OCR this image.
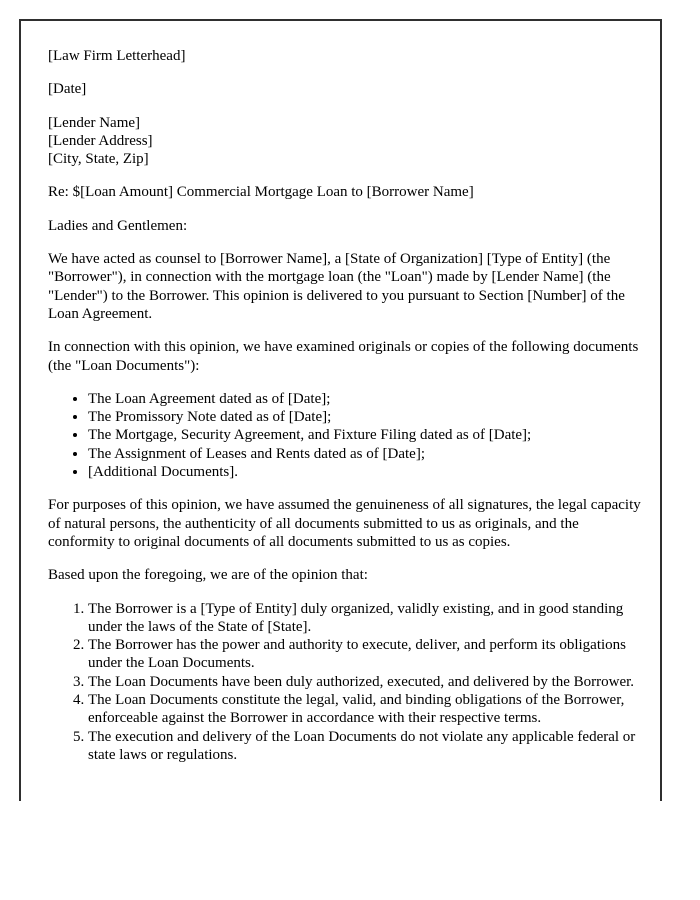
[Law Firm Letterhead]

[Date]

[Lender Name]
[Lender Address]
[City, State, Zip]

Re: $[Loan Amount] Commercial Mortgage Loan to [Borrower Name]

Ladies and Gentlemen:

We have acted as counsel to [Borrower Name], a [State of Organization] [Type of Entity] (the "Borrower"), in connection with the mortgage loan (the "Loan") made by [Lender Name] (the "Lender") to the Borrower. This opinion is delivered to you pursuant to Section [Number] of the Loan Agreement.

In connection with this opinion, we have examined originals or copies of the following documents (the "Loan Documents"):

• The Loan Agreement dated as of [Date];
• The Promissory Note dated as of [Date];
• The Mortgage, Security Agreement, and Fixture Filing dated as of [Date];
• The Assignment of Leases and Rents dated as of [Date];
• [Additional Documents].

For purposes of this opinion, we have assumed the genuineness of all signatures, the legal capacity of natural persons, the authenticity of all documents submitted to us as originals, and the conformity to original documents of all documents submitted to us as copies.

Based upon the foregoing, we are of the opinion that:

1. The Borrower is a [Type of Entity] duly organized, validly existing, and in good standing under the laws of the State of [State].
2. The Borrower has the power and authority to execute, deliver, and perform its obligations under the Loan Documents.
3. The Loan Documents have been duly authorized, executed, and delivered by the Borrower.
4. The Loan Documents constitute the legal, valid, and binding obligations of the Borrower, enforceable against the Borrower in accordance with their respective terms.
5. The execution and delivery of the Loan Documents do not violate any applicable federal or state laws or regulations.
